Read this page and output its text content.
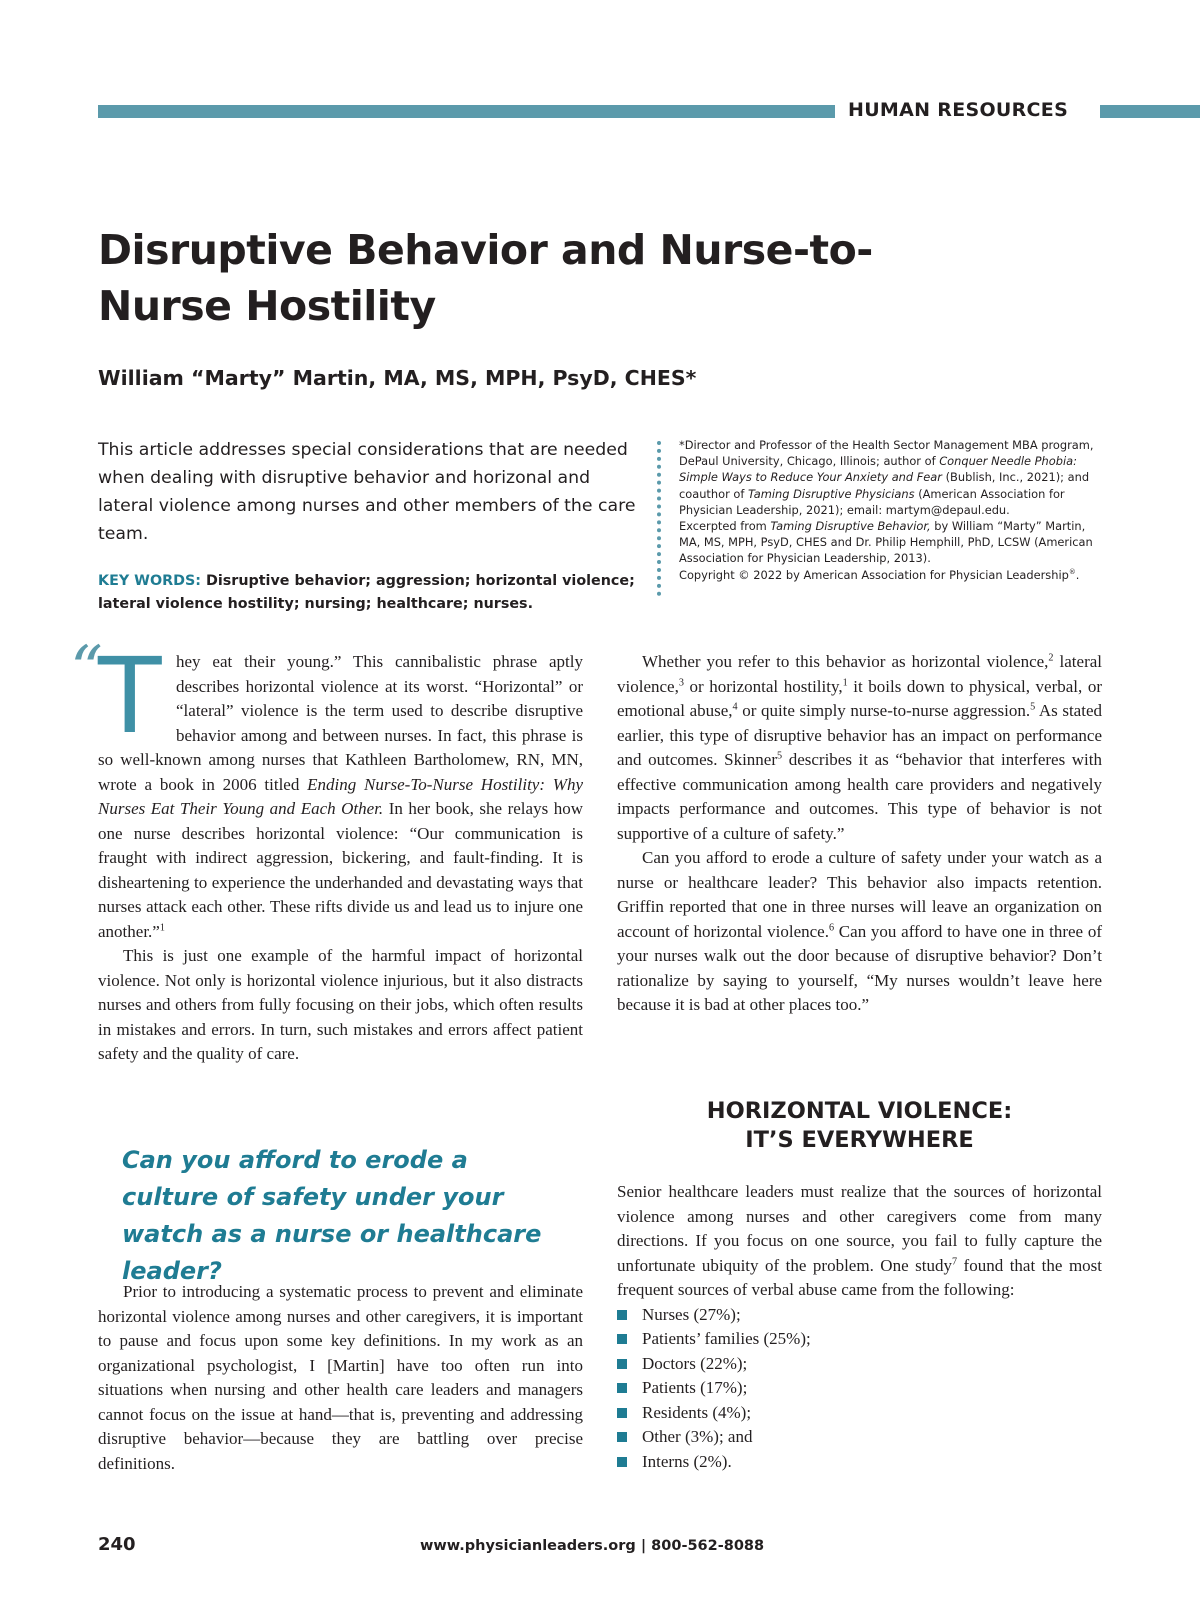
HUMAN RESOURCES
Disruptive Behavior and Nurse-to-Nurse Hostility
William “Marty” Martin, MA, MS, MPH, PsyD, CHES*

This article addresses special considerations that are needed when dealing with disruptive behavior and horizonal and lateral violence among nurses and other members of the care team.

KEY WORDS: Disruptive behavior; aggression; horizontal violence; lateral violence hostility; nursing; healthcare; nurses.

*Director and Professor of the Health Sector Management MBA program, DePaul University, Chicago, Illinois; author of Conquer Needle Phobia: Simple Ways to Reduce Your Anxiety and Fear (Bublish, Inc., 2021); and coauthor of Taming Disruptive Physicians (American Association for Physician Leadership, 2021); email: martym@depaul.edu.
Excerpted from Taming Disruptive Behavior, by William “Marty” Martin, MA, MS, MPH, PsyD, CHES and Dr. Philip Hemphill, PhD, LCSW (American Association for Physician Leadership, 2013).
Copyright © 2022 by American Association for Physician Leadership®.

“
T hey eat their young.” This cannibalistic phrase aptly describes horizontal violence at its worst. “Horizontal” or “lateral” violence is the term used to describe disruptive behavior among and between nurses. In fact, this phrase is so well-known among nurses that Kathleen Bartholomew, RN, MN, wrote a book in 2006 titled Ending Nurse-To-Nurse Hostility: Why Nurses Eat Their Young and Each Other. In her book, she relays how one nurse describes horizontal violence: “Our communication is fraught with indirect aggression, bickering, and fault-finding. It is disheartening to experience the underhanded and devastating ways that nurses attack each other. These rifts divide us and lead us to injure one another.”$^1$

This is just one example of the harmful impact of horizontal violence. Not only is horizontal violence injurious, but it also distracts nurses and others from fully focusing on their jobs, which often results in mistakes and errors. In turn, such mistakes and errors affect patient safety and the quality of care.

Can you afford to erode a culture of safety under your watch as a nurse or healthcare leader?

Prior to introducing a systematic process to prevent and eliminate horizontal violence among nurses and other caregivers, it is important to pause and focus upon some key definitions. In my work as an organizational psychologist, I [Martin] have too often run into situations when nursing and other health care leaders and managers cannot focus on the issue at hand—that is, preventing and addressing disruptive behavior—because they are battling over precise definitions.

Whether you refer to this behavior as horizontal violence,$^2$ lateral violence,$^3$ or horizontal hostility,$^1$ it boils down to physical, verbal, or emotional abuse,$^4$ or quite simply nurse-to-nurse aggression.$^5$ As stated earlier, this type of disruptive behavior has an impact on performance and outcomes. Skinner$^5$ describes it as “behavior that interferes with effective communication among health care providers and negatively impacts performance and outcomes. This type of behavior is not supportive of a culture of safety.”

Can you afford to erode a culture of safety under your watch as a nurse or healthcare leader? This behavior also impacts retention. Griffin reported that one in three nurses will leave an organization on account of horizontal violence.$^6$ Can you afford to have one in three of your nurses walk out the door because of disruptive behavior? Don’t rationalize by saying to yourself, “My nurses wouldn’t leave here because it is bad at other places too.”

HORIZONTAL VIOLENCE:
IT’S EVERYWHERE

Senior healthcare leaders must realize that the sources of horizontal violence among nurses and other caregivers come from many directions. If you focus on one source, you fail to fully capture the unfortunate ubiquity of the problem. One study$^7$ found that the most frequent sources of verbal abuse came from the following:

Nurses (27%);
Patients’ families (25%);
Doctors (22%);
Patients (17%);
Residents (4%);
Other (3%); and
Interns (2%).
240	www.physicianleaders.org | 800-562-8088
